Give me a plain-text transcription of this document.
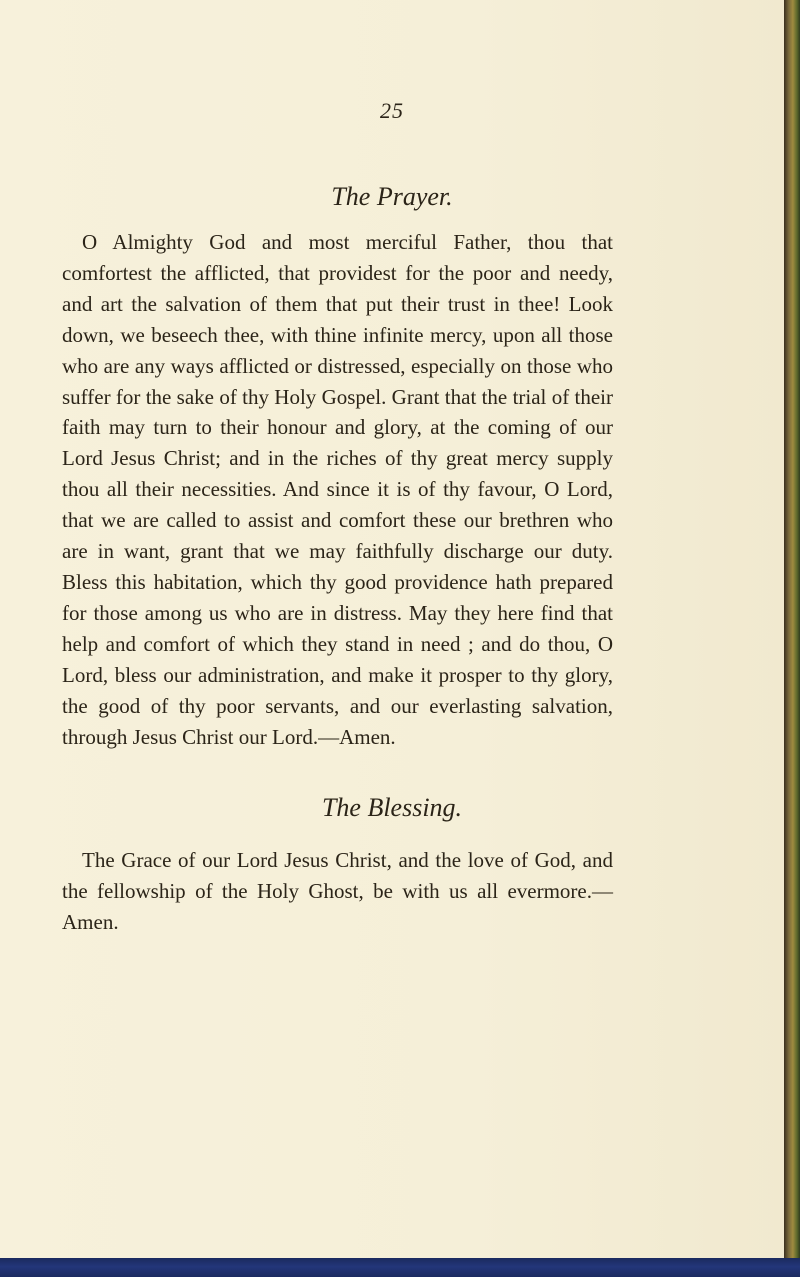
25
The Prayer.
O Almighty God and most merciful Father, thou that comfortest the afflicted, that providest for the poor and needy, and art the salvation of them that put their trust in thee! Look down, we beseech thee, with thine infinite mercy, upon all those who are any ways afflicted or distressed, especially on those who suffer for the sake of thy Holy Gospel. Grant that the trial of their faith may turn to their honour and glory, at the coming of our Lord Jesus Christ; and in the riches of thy great mercy supply thou all their necessities. And since it is of thy favour, O Lord, that we are called to assist and comfort these our brethren who are in want, grant that we may faithfully discharge our duty. Bless this habitation, which thy good providence hath prepared for those among us who are in distress. May they here find that help and comfort of which they stand in need ; and do thou, O Lord, bless our administration, and make it prosper to thy glory, the good of thy poor servants, and our everlasting salvation, through Jesus Christ our Lord.—Amen.
The Blessing.
The Grace of our Lord Jesus Christ, and the love of God, and the fellowship of the Holy Ghost, be with us all evermore.—Amen.
